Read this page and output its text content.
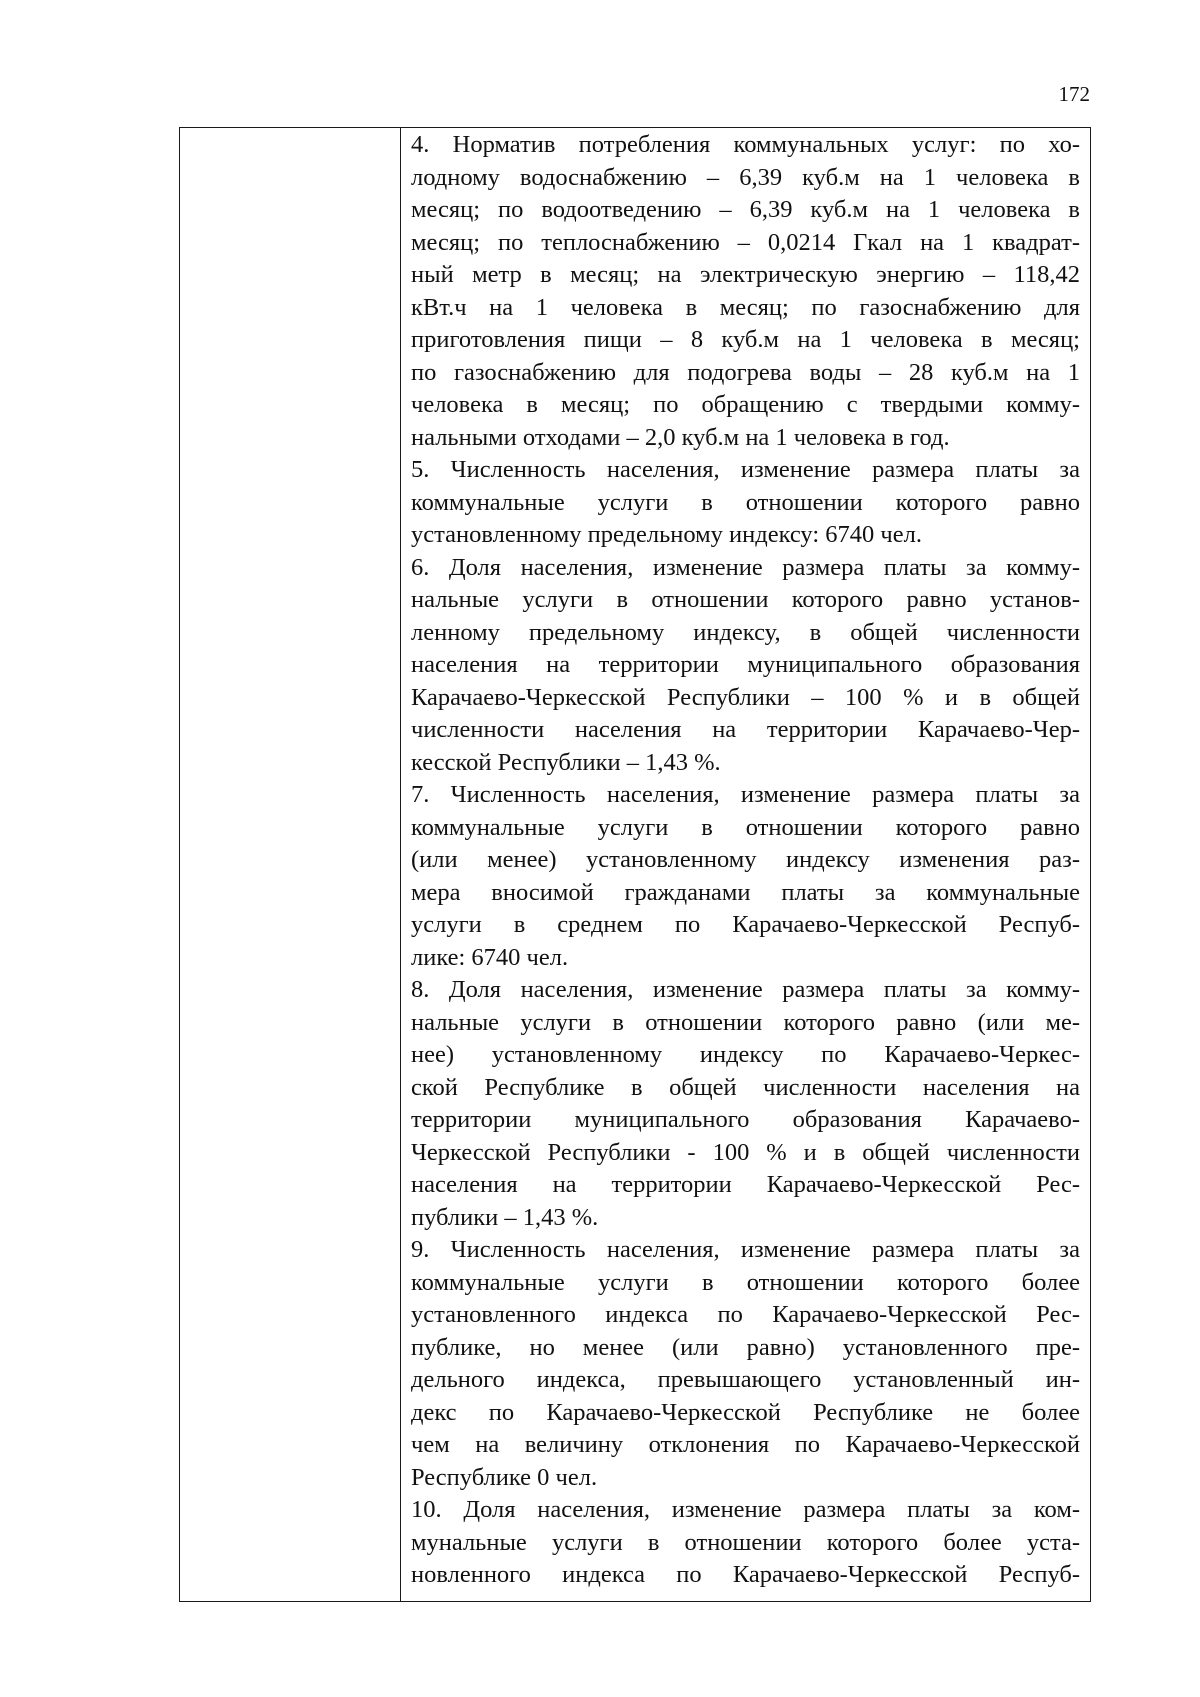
172
4. Норматив потребления коммунальных услуг: по хо-
лодному водоснабжению – 6,39 куб.м на 1 человека в
месяц; по водоотведению – 6,39 куб.м на 1 человека в
месяц; по теплоснабжению – 0,0214 Гкал на 1 квадрат-
ный метр в месяц; на электрическую энергию – 118,42
кВт.ч на 1 человека в месяц; по газоснабжению для
приготовления пищи – 8 куб.м на 1 человека в месяц;
по газоснабжению для подогрева воды – 28 куб.м на 1
человека в месяц; по обращению с твердыми комму-
нальными отходами – 2,0 куб.м на 1 человека в год.
5. Численность населения, изменение размера платы за
коммунальные услуги в отношении которого равно
установленному предельному индексу: 6740 чел.
6. Доля населения, изменение размера платы за комму-
нальные услуги в отношении которого равно установ-
ленному предельному индексу, в общей численности
населения на территории муниципального образования
Карачаево-Черкесской Республики – 100 % и в общей
численности населения на территории Карачаево-Чер-
кесской Республики – 1,43 %.
7. Численность населения, изменение размера платы за
коммунальные услуги в отношении которого равно
(или менее) установленному индексу изменения раз-
мера вносимой гражданами платы за коммунальные
услуги в среднем по Карачаево-Черкесской Респуб-
лике: 6740 чел.
8. Доля населения, изменение размера платы за комму-
нальные услуги в отношении которого равно (или ме-
нее) установленному индексу по Карачаево-Черкес-
ской Республике в общей численности населения на
территории муниципального образования Карачаево-
Черкесской Республики - 100 % и в общей численности
населения на территории Карачаево-Черкесской Рес-
публики – 1,43 %.
9. Численность населения, изменение размера платы за
коммунальные услуги в отношении которого более
установленного индекса по Карачаево-Черкесской Рес-
публике, но менее (или равно) установленного пре-
дельного индекса, превышающего установленный ин-
декс по Карачаево-Черкесской Республике не более
чем на величину отклонения по Карачаево-Черкесской
Республике 0 чел.
10. Доля населения, изменение размера платы за ком-
мунальные услуги в отношении которого более уста-
новленного индекса по Карачаево-Черкесской Респуб-
